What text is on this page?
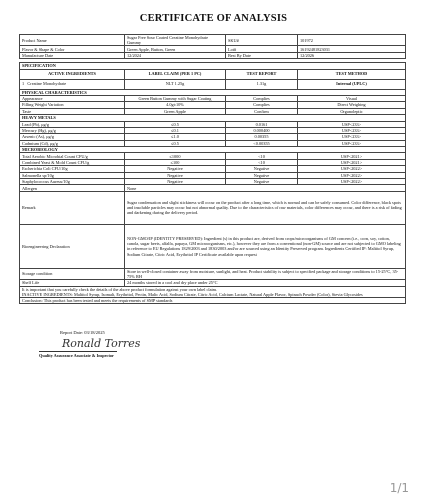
CERTIFICATE OF ANALYSIS
Product Name	Sugar Free Sour Coated Creatine Monohydrate Gummy	SKU#	101972
Flavor & Shape & Color	Green Apple, Button, Green	Lot#	16192481823031
Manufacture Date	12/2024	Best By Date	12/2026

SPECIFICATION			
ACTIVE INGREDIENTS	LABEL CLAIM (PER 1 PC)	TEST REPORT	TEST METHOD
1 Creatine Monohydrate	NLT 1.25g	1.31g	Internal (UPLC)
PHYSICAL CHARACTERISTICS			
Appearance	Green Button Gummy with Sugar Coating	Complies	Visual
Filling Weight Variation	4.0g±10%	Complies	Direct Weighing
Taste	Green Apple	Confirm	Organoleptic
HEAVY METALS			
Lead (Pb), μg/g	≤0.5	0.0161	USP<233>
Mercury (Hg), μg/g	≤0.1	0.000400	USP<233>
Arsenic (As), μg/g	≤1.0	0.00355	USP<233>
Cadmium (Cd), μg/g	≤0.5	<0.00355	USP<233>
MICROBIOLOGY			
Total Aerobic Microbial Count CFU/g	≤1000	<10	USP<2021>
Combined Yeast & Mold Count CFU/g	≤100	<10	USP<2021>
Escherichia Coli CFU/10g	Negative	Negative	USP<2022>
Salmonella sp/10g	Negative	Negative	USP<2022>
Staphylococcus Aureus/10g	Negative	Negative	USP<2022>
Allergen	None		
Remark	Sugar condensation and slight stickiness will occur on the product after a long time, which is normal and can be safely consumed. Color difference, black spots and insoluble particles may occur but not abnormal quality. Due to the characteristics of raw materials, color differences may occur, and there is a risk of fading and darkening during the delivery period.		
Bioengineering Declaration	NON-GMO/IP (IDENTITY PRESERVED): Ingredient (s) in this product are, derived from crops/microorganisms of GM concern (i.e., corn, soy, cotton, canola, sugar beets, alfalfa, papaya, GM microorganisms, etc.), however they are from a conventional (non-GM) source and are not subjected to GMO labeling in reference to EU Regulations 1829/2003 and 1830/2003 and/or are sourced using an Identity Preserved program. Ingredients Certified IP: Maltitol Syrup, Sodium Citrate, Citric Acid, Erythritol IP Certificate available upon request		
Storage condition	Store in well-closed container away from moisture, sunlight, and heat. Product stability is subject to specified package and storage conditions to 15-25°C, 35-75% RH		
Shelf Life	24 months stored in a cool and dry place under 25°C		

It is important that you carefully check the details of the above product formulation against your own label claim.
INACTIVE INGREDIENTS: Maltitol Syrup, Isomalt, Erythritol, Pectin, Malic Acid, Sodium Citrate, Citric Acid, Calcium Lactate, Natural Apple Flavor, Spinach Powder (Color), Stevia Glycosides			

Conclusion: This product has been tested and meets the requirements of SMP standards			
Report Date: 03/18/2025
Ronald Torres
Quality Assurance Associate & Inspector
1/1
